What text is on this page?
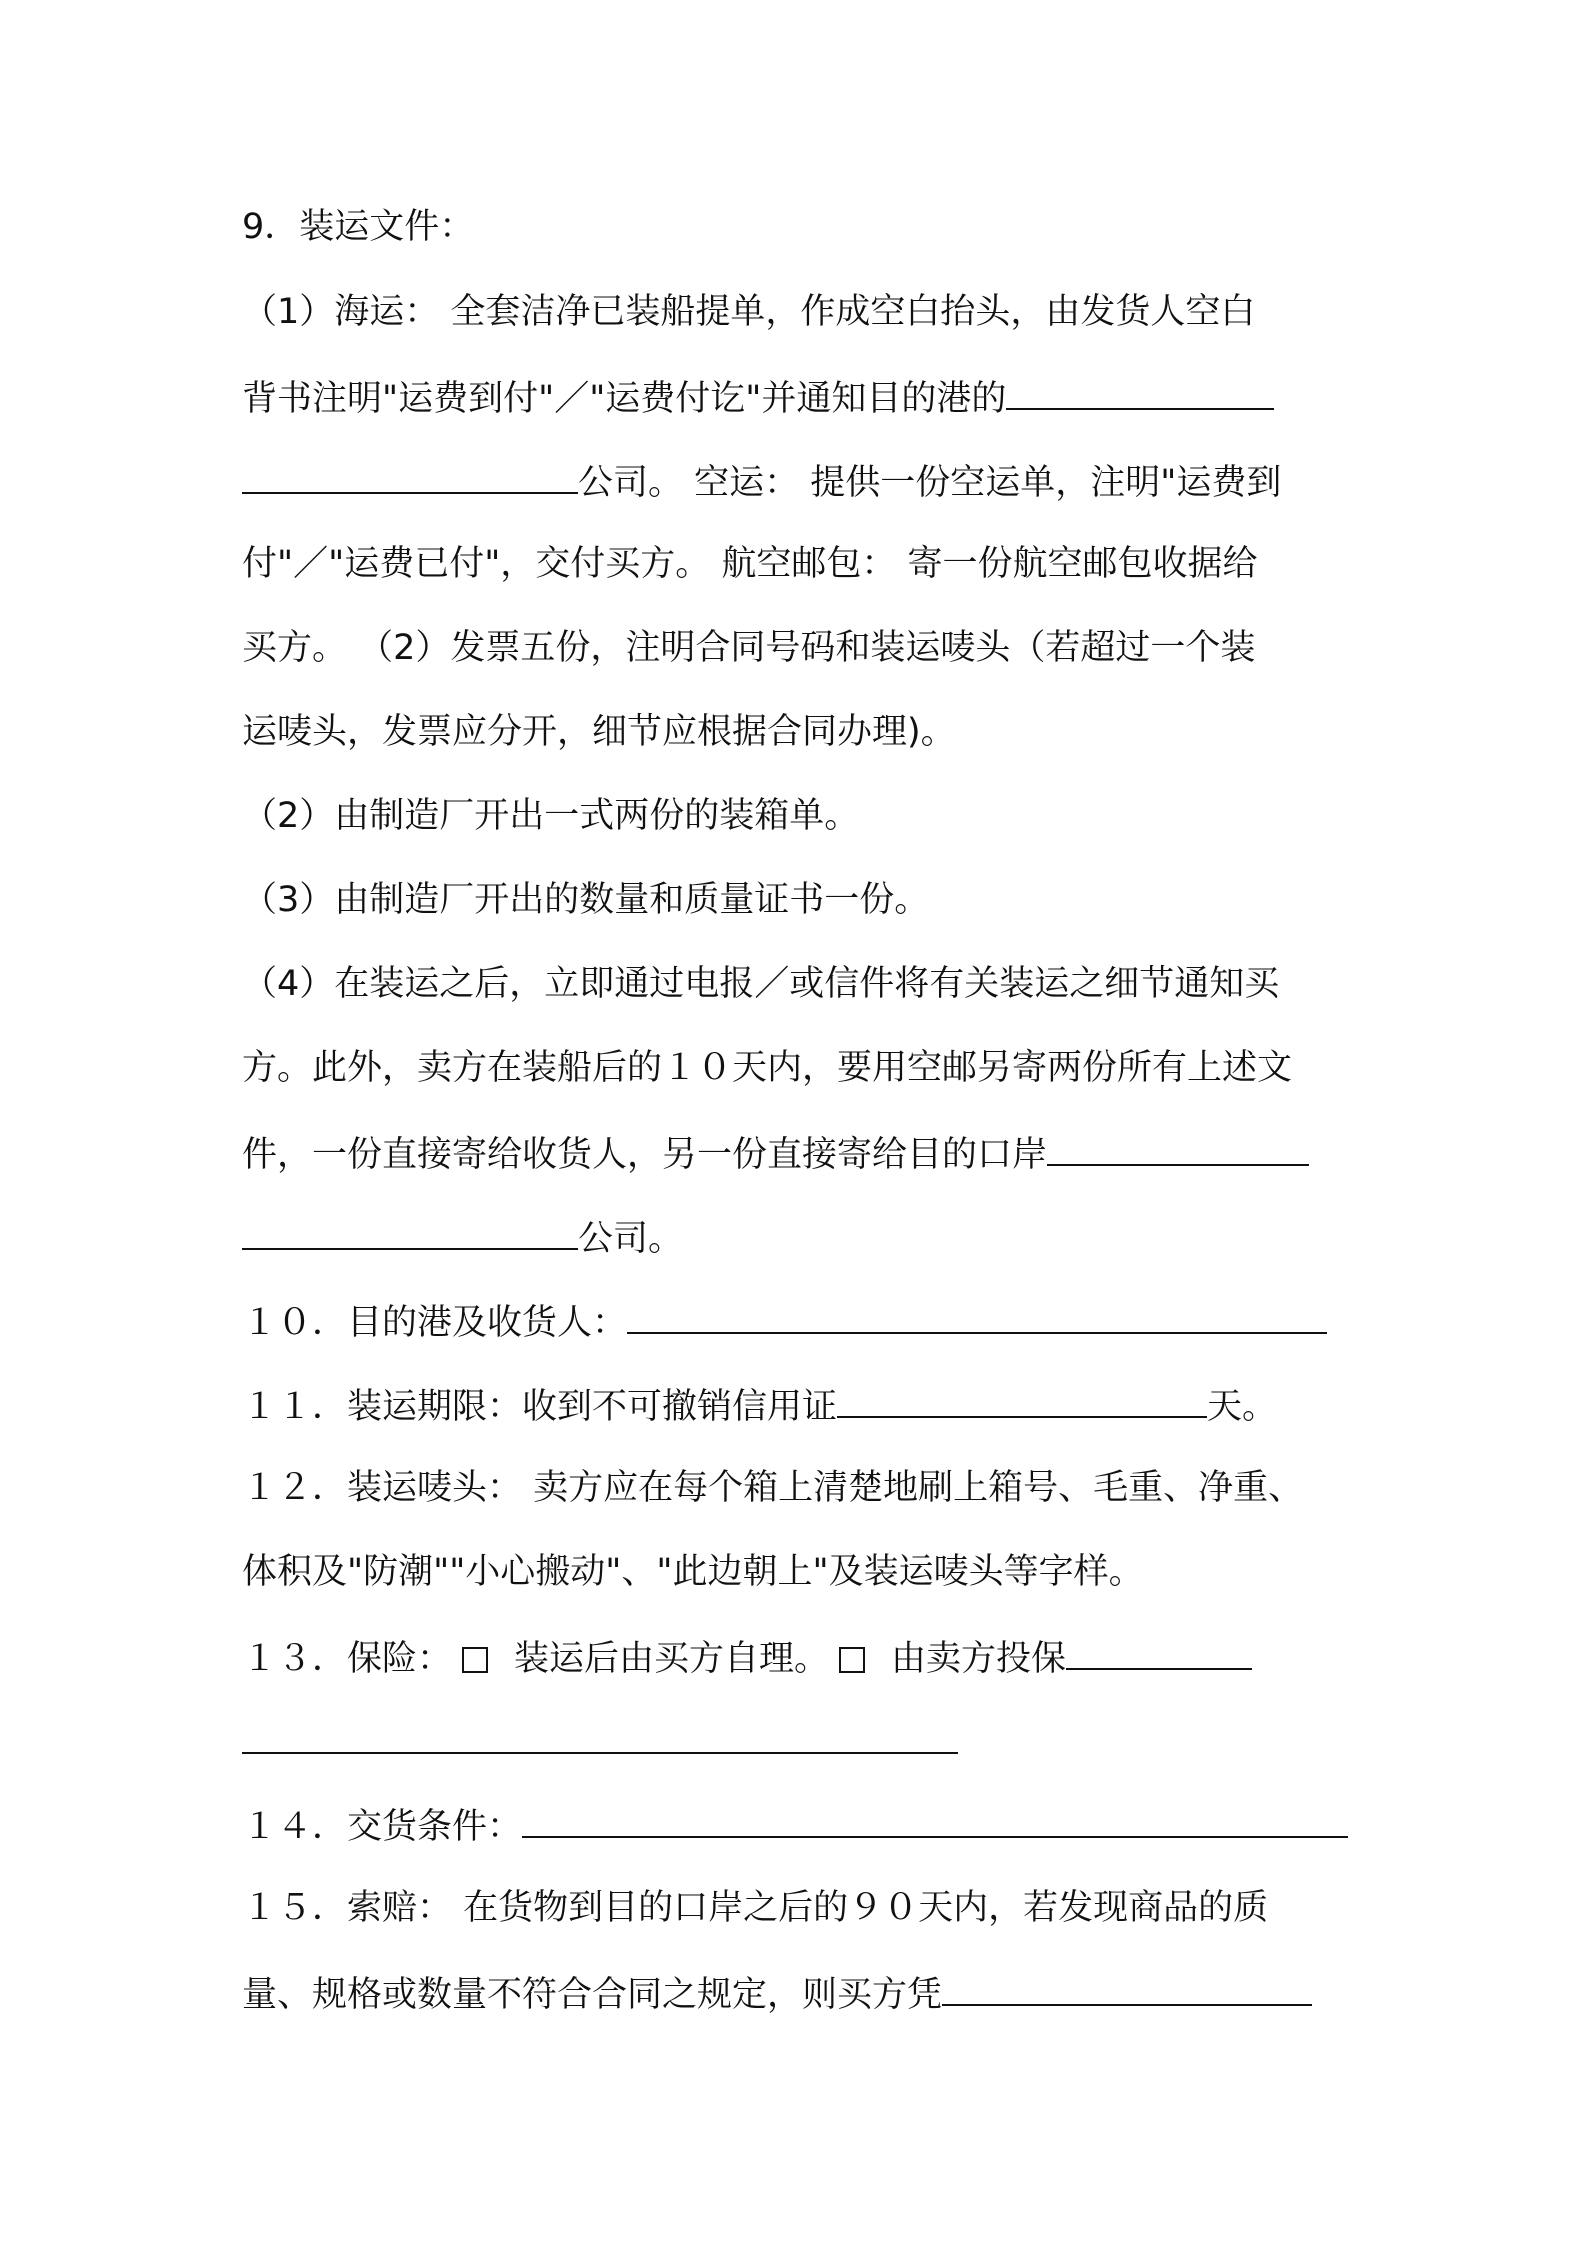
9．装运文件：
（1）海运： 全套洁净已装船提单，作成空白抬头，由发货人空白
背书注明"运费到付"／"运费付讫"并通知目的港的
公司。 空运： 提供一份空运单，注明"运费到
付"／"运费已付"，交付买方。 航空邮包： 寄一份航空邮包收据给
买方。 （2）发票五份，注明合同号码和装运唛头（若超过一个装
运唛头，发票应分开，细节应根据合同办理)。
（2）由制造厂开出一式两份的装箱单。
（3）由制造厂开出的数量和质量证书一份。
（4）在装运之后，立即通过电报／或信件将有关装运之细节通知买
方。此外，卖方在装船后的１０天内，要用空邮另寄两份所有上述文
件，一份直接寄给收货人，另一份直接寄给目的口岸
公司。
１０．目的港及收货人：
１１．装运期限：收到不可撤销信用证	天。
１２．装运唛头： 卖方应在每个箱上清楚地刷上箱号、毛重、净重、
体积及"防潮""小心搬动"、"此边朝上"及装运唛头等字样。
１３．保险： 装运后由买方自理。 由卖方投保
１４．交货条件：
１５．索赔： 在货物到目的口岸之后的９０天内，若发现商品的质
量、规格或数量不符合合同之规定，则买方凭
